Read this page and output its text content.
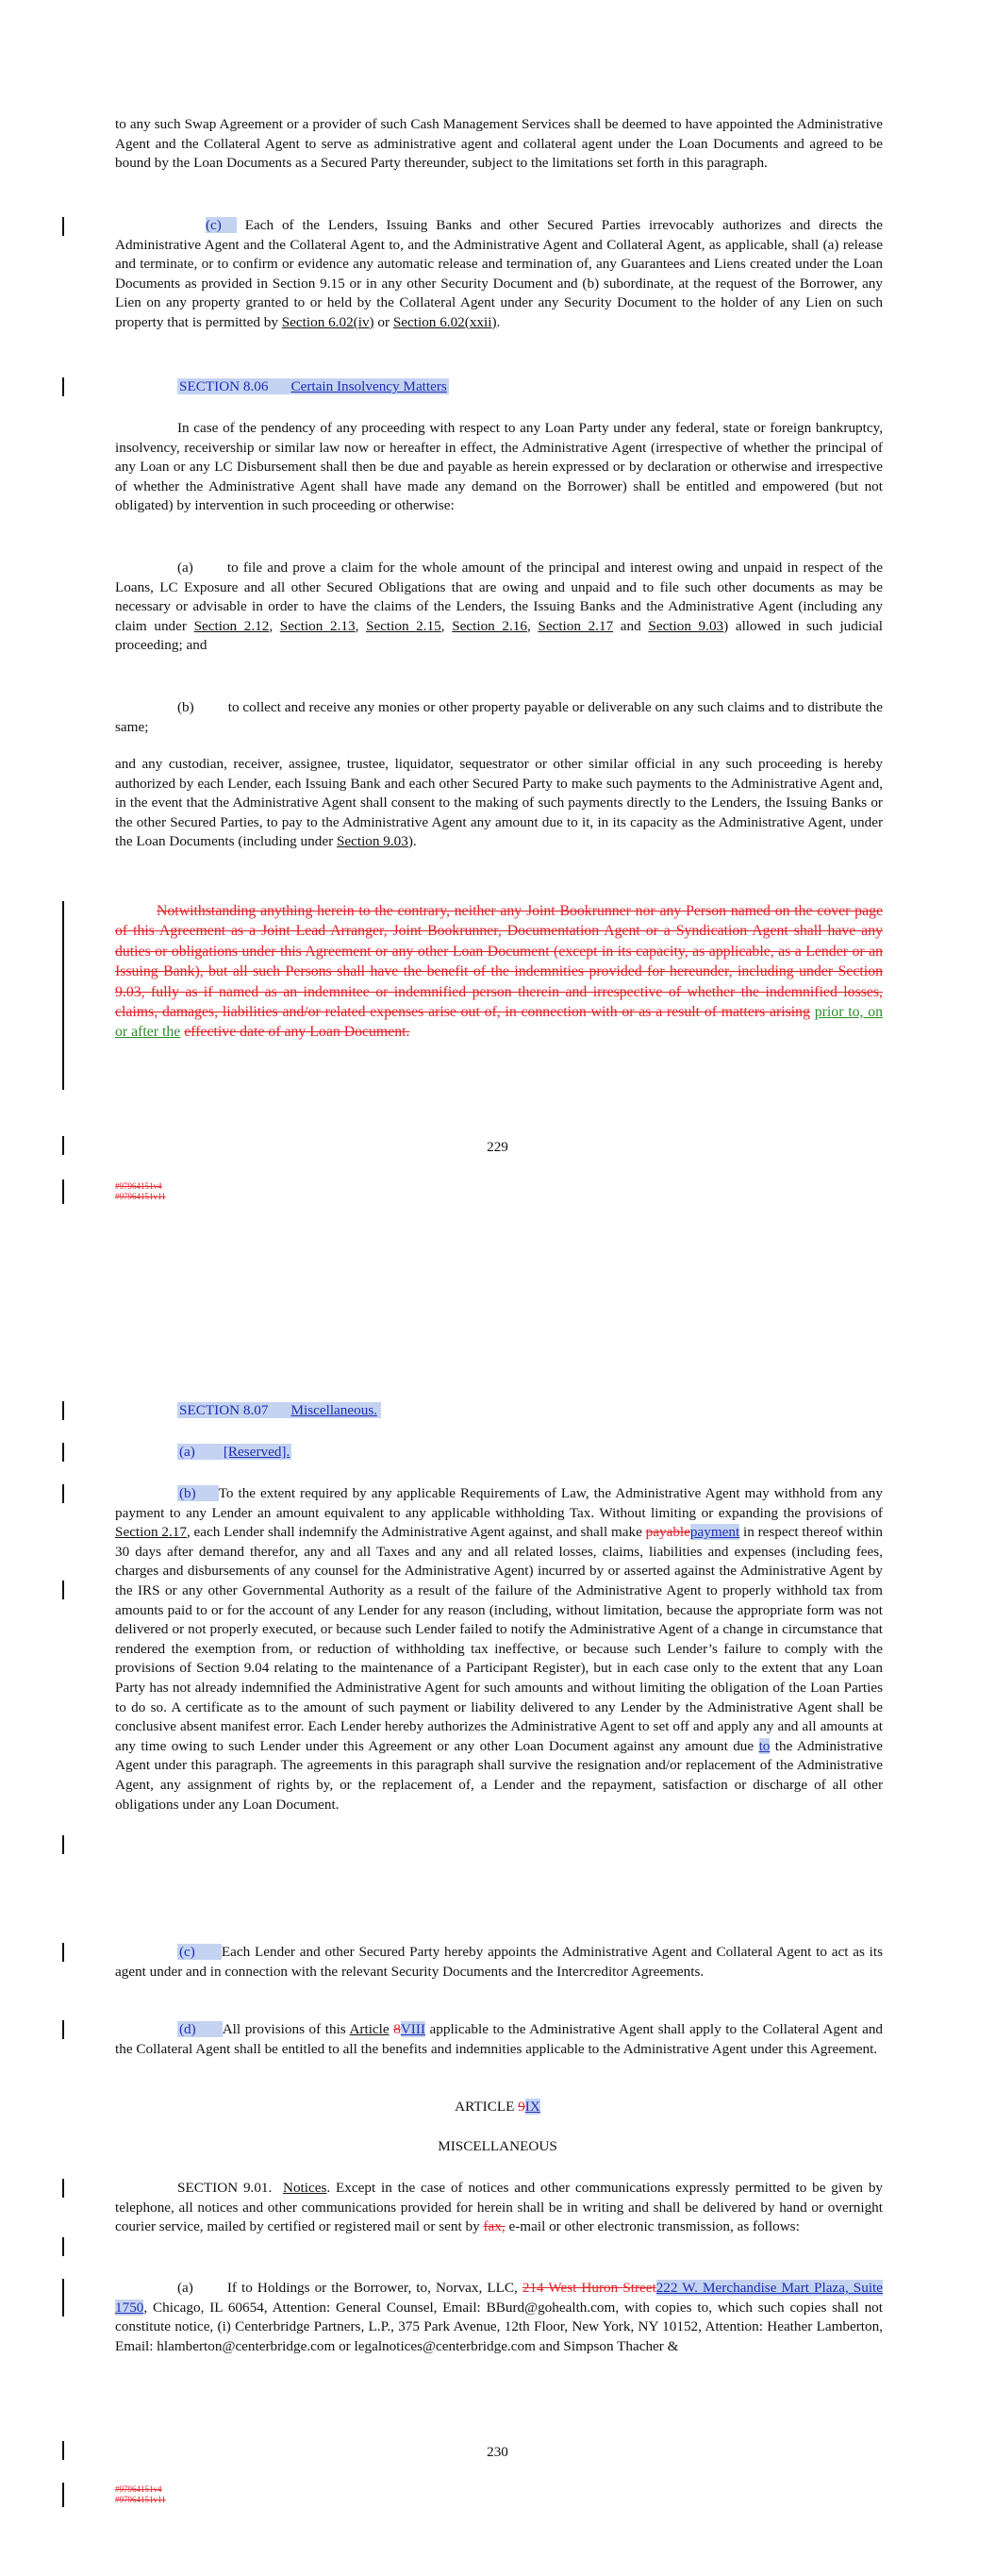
to any such Swap Agreement or a provider of such Cash Management Services shall be deemed to have appointed the Administrative Agent and the Collateral Agent to serve as administrative agent and collateral agent under the Loan Documents and agreed to be bound by the Loan Documents as a Secured Party thereunder, subject to the limitations set forth in this paragraph.

(c) Each of the Lenders, Issuing Banks and other Secured Parties irrevocably authorizes and directs the Administrative Agent and the Collateral Agent to, and the Administrative Agent and Collateral Agent, as applicable, shall (a) release and terminate, or to confirm or evidence any automatic release and termination of, any Guarantees and Liens created under the Loan Documents as provided in Section 9.15 or in any other Security Document and (b) subordinate, at the request of the Borrower, any Lien on any property granted to or held by the Collateral Agent under any Security Document to the holder of any Lien on such property that is permitted by Section 6.02(iv) or Section 6.02(xxii).

SECTION 8.06 Certain Insolvency Matters

In case of the pendency of any proceeding with respect to any Loan Party under any federal, state or foreign bankruptcy, insolvency, receivership or similar law now or hereafter in effect, the Administrative Agent (irrespective of whether the principal of any Loan or any LC Disbursement shall then be due and payable as herein expressed or by declaration or otherwise and irrespective of whether the Administrative Agent shall have made any demand on the Borrower) shall be entitled and empowered (but not obligated) by intervention in such proceeding or otherwise:

(a) to file and prove a claim for the whole amount of the principal and interest owing and unpaid in respect of the Loans, LC Exposure and all other Secured Obligations that are owing and unpaid and to file such other documents as may be necessary or advisable in order to have the claims of the Lenders, the Issuing Banks and the Administrative Agent (including any claim under Section 2.12, Section 2.13, Section 2.15, Section 2.16, Section 2.17 and Section 9.03) allowed in such judicial proceeding; and

(b) to collect and receive any monies or other property payable or deliverable on any such claims and to distribute the same;

and any custodian, receiver, assignee, trustee, liquidator, sequestrator or other similar official in any such proceeding is hereby authorized by each Lender, each Issuing Bank and each other Secured Party to make such payments to the Administrative Agent and, in the event that the Administrative Agent shall consent to the making of such payments directly to the Lenders, the Issuing Banks or the other Secured Parties, to pay to the Administrative Agent any amount due to it, in its capacity as the Administrative Agent, under the Loan Documents (including under Section 9.03).

Notwithstanding anything herein to the contrary, neither any Joint Bookrunner nor any Person named on the cover page of this Agreement as a Joint Lead Arranger, Joint Bookrunner, Documentation Agent or a Syndication Agent shall have any duties or obligations under this Agreement or any other Loan Document (except in its capacity, as applicable, as a Lender or an Issuing Bank), but all such Persons shall have the benefit of the indemnities provided for hereunder, including under Section 9.03, fully as if named as an indemnitee or indemnified person therein and irrespective of whether the indemnified losses, claims, damages, liabilities and/or related expenses arise out of, in connection with or as a result of matters arising prior to, on or after the effective date of any Loan Document.

229
#97964151v4
#97964151v11
SECTION 8.07 Miscellaneous.
(a) [Reserved].

(b) To the extent required by any applicable Requirements of Law, the Administrative Agent may withhold from any payment to any Lender an amount equivalent to any applicable withholding Tax. Without limiting or expanding the provisions of Section 2.17, each Lender shall indemnify the Administrative Agent against, and shall make payablepayment in respect thereof within 30 days after demand therefor, any and all Taxes and any and all related losses, claims, liabilities and expenses (including fees, charges and disbursements of any counsel for the Administrative Agent) incurred by or asserted against the Administrative Agent by the IRS or any other Governmental Authority as a result of the failure of the Administrative Agent to properly withhold tax from amounts paid to or for the account of any Lender for any reason (including, without limitation, because the appropriate form was not delivered or not properly executed, or because such Lender failed to notify the Administrative Agent of a change in circumstance that rendered the exemption from, or reduction of withholding tax ineffective, or because such Lender’s failure to comply with the provisions of Section 9.04 relating to the maintenance of a Participant Register), but in each case only to the extent that any Loan Party has not already indemnified the Administrative Agent for such amounts and without limiting the obligation of the Loan Parties to do so. A certificate as to the amount of such payment or liability delivered to any Lender by the Administrative Agent shall be conclusive absent manifest error. Each Lender hereby authorizes the Administrative Agent to set off and apply any and all amounts at any time owing to such Lender under this Agreement or any other Loan Document against any amount due to the Administrative Agent under this paragraph. The agreements in this paragraph shall survive the resignation and/or replacement of the Administrative Agent, any assignment of rights by, or the replacement of, a Lender and the repayment, satisfaction or discharge of all other obligations under any Loan Document.

(c) Each Lender and other Secured Party hereby appoints the Administrative Agent and Collateral Agent to act as its agent under and in connection with the relevant Security Documents and the Intercreditor Agreements.

(d) All provisions of this Article 8VIII applicable to the Administrative Agent shall apply to the Collateral Agent and the Collateral Agent shall be entitled to all the benefits and indemnities applicable to the Administrative Agent under this Agreement.

ARTICLE 9IX
MISCELLANEOUS

SECTION 9.01. Notices. Except in the case of notices and other communications expressly permitted to be given by telephone, all notices and other communications provided for herein shall be in writing and shall be delivered by hand or overnight courier service, mailed by certified or registered mail or sent by fax, e-mail or other electronic transmission, as follows:

(a) If to Holdings or the Borrower, to, Norvax, LLC, 214 West Huron Street222 W. Merchandise Mart Plaza, Suite 1750, Chicago, IL 60654, Attention: General Counsel, Email: BBurd@gohealth.com, with copies to, which such copies shall not constitute notice, (i) Centerbridge Partners, L.P., 375 Park Avenue, 12th Floor, New York, NY 10152, Attention: Heather Lamberton, Email: hlamberton@centerbridge.com or legalnotices@centerbridge.com and Simpson Thacher &

230
#97964151v4
#97964151v11
